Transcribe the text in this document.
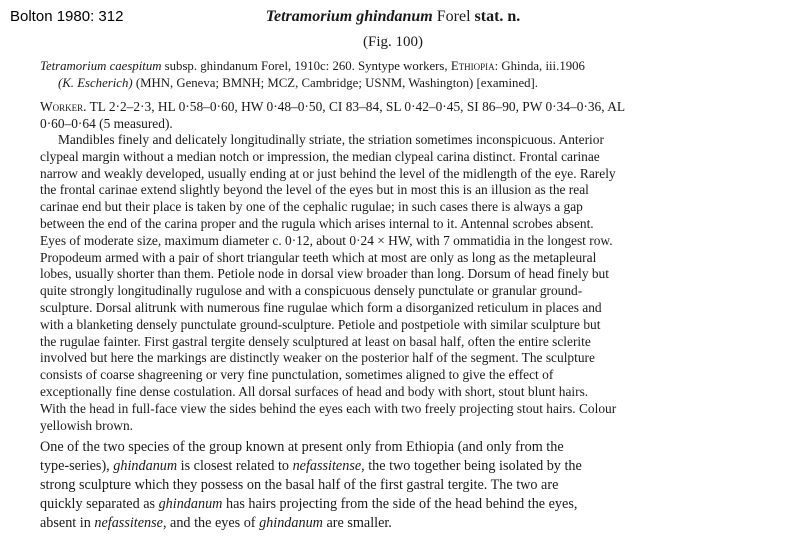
Bolton 1980: 312	Tetramorium ghindanum Forel stat. n.
(Fig. 100)
Tetramorium caespitum subsp. ghindanum Forel, 1910c: 260. Syntype workers, Ethiopia: Ghinda, iii.1906
(K. Escherich) (MHN, Geneva; BMNH; MCZ, Cambridge; USNM, Washington) [examined].
Worker. TL 2·2–2·3, HL 0·58–0·60, HW 0·48–0·50, CI 83–84, SL 0·42–0·45, SI 86–90, PW 0·34–0·36, AL
0·60–0·64 (5 measured).
Mandibles finely and delicately longitudinally striate, the striation sometimes inconspicuous. Anterior
clypeal margin without a median notch or impression, the median clypeal carina distinct. Frontal carinae
narrow and weakly developed, usually ending at or just behind the level of the midlength of the eye. Rarely
the frontal carinae extend slightly beyond the level of the eyes but in most this is an illusion as the real
carinae end but their place is taken by one of the cephalic rugulae; in such cases there is always a gap
between the end of the carina proper and the rugula which arises internal to it. Antennal scrobes absent.
Eyes of moderate size, maximum diameter c. 0·12, about 0·24 × HW, with 7 ommatidia in the longest row.
Propodeum armed with a pair of short triangular teeth which at most are only as long as the metapleural
lobes, usually shorter than them. Petiole node in dorsal view broader than long. Dorsum of head finely but
quite strongly longitudinally rugulose and with a conspicuous densely punctulate or granular ground-
sculpture. Dorsal alitrunk with numerous fine rugulae which form a disorganized reticulum in places and
with a blanketing densely punctulate ground-sculpture. Petiole and postpetiole with similar sculpture but
the rugulae fainter. First gastral tergite densely sculptured at least on basal half, often the entire sclerite
involved but here the markings are distinctly weaker on the posterior half of the segment. The sculpture
consists of coarse shagreening or very fine punctulation, sometimes aligned to give the effect of
exceptionally fine dense costulation. All dorsal surfaces of head and body with short, stout blunt hairs.
With the head in full-face view the sides behind the eyes each with two freely projecting stout hairs. Colour
yellowish brown.
One of the two species of the group known at present only from Ethiopia (and only from the
type-series), ghindanum is closest related to nefassitense, the two together being isolated by the
strong sculpture which they possess on the basal half of the first gastral tergite. The two are
quickly separated as ghindanum has hairs projecting from the side of the head behind the eyes,
absent in nefassitense, and the eyes of ghindanum are smaller.
